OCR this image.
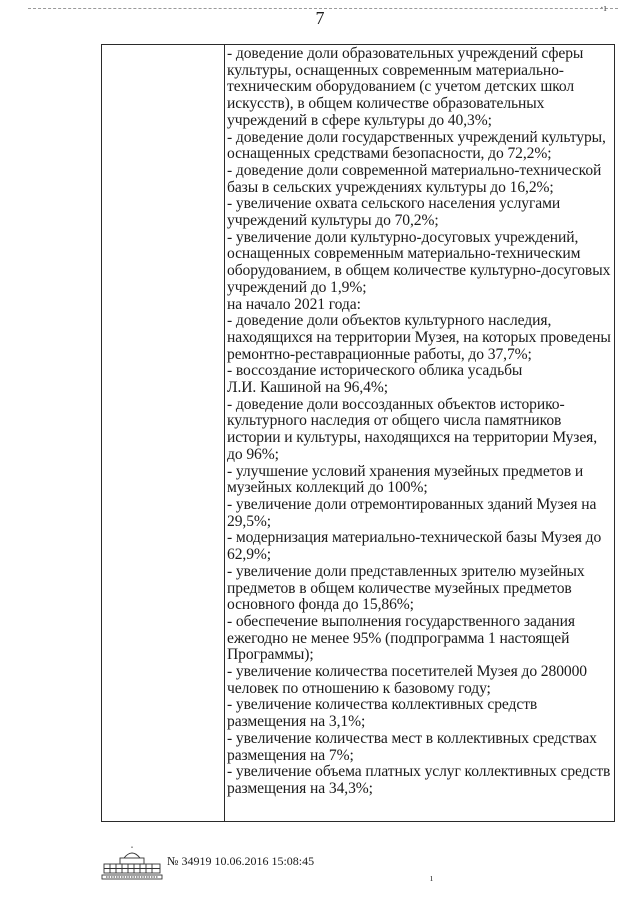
·ı
7
- доведение доли образовательных учреждений сферы
культуры, оснащенных современным материально-
техническим оборудованием (с учетом детских школ
искусств), в общем количестве образовательных
учреждений в сфере культуры до 40,3%;
- доведение доли государственных учреждений культуры,
оснащенных средствами безопасности, до 72,2%;
- доведение доли современной материально-технической
базы в сельских учреждениях культуры до 16,2%;
- увеличение охвата сельского населения услугами
учреждений культуры до 70,2%;
- увеличение доли культурно-досуговых учреждений,
оснащенных современным материально-техническим
оборудованием, в общем количестве культурно-досуговых
учреждений до 1,9%;
на начало 2021 года:
- доведение доли объектов культурного наследия,
находящихся на территории Музея, на которых проведены
ремонтно-реставрационные работы, до 37,7%;
- воссоздание исторического облика усадьбы
Л.И. Кашиной на 96,4%;
- доведение доли воссозданных объектов историко-
культурного наследия от общего числа памятников
истории и культуры, находящихся на территории Музея,
до 96%;
- улучшение условий хранения музейных предметов и
музейных коллекций до 100%;
- увеличение доли отремонтированных зданий Музея на
29,5%;
- модернизация материально-технической базы Музея до
62,9%;
- увеличение доли представленных зрителю музейных
предметов в общем количестве музейных предметов
основного фонда до 15,86%;
- обеспечение выполнения государственного задания
ежегодно не менее 95% (подпрограмма 1 настоящей
Программы);
- увеличение количества посетителей Музея до 280000
человек по отношению к базовому году;
- увеличение количества коллективных средств
размещения на 3,1%;
- увеличение количества мест в коллективных средствах
размещения на 7%;
- увеличение объема платных услуг коллективных средств
размещения на 34,3%;
№ 34919 10.06.2016 15:08:45
ı
